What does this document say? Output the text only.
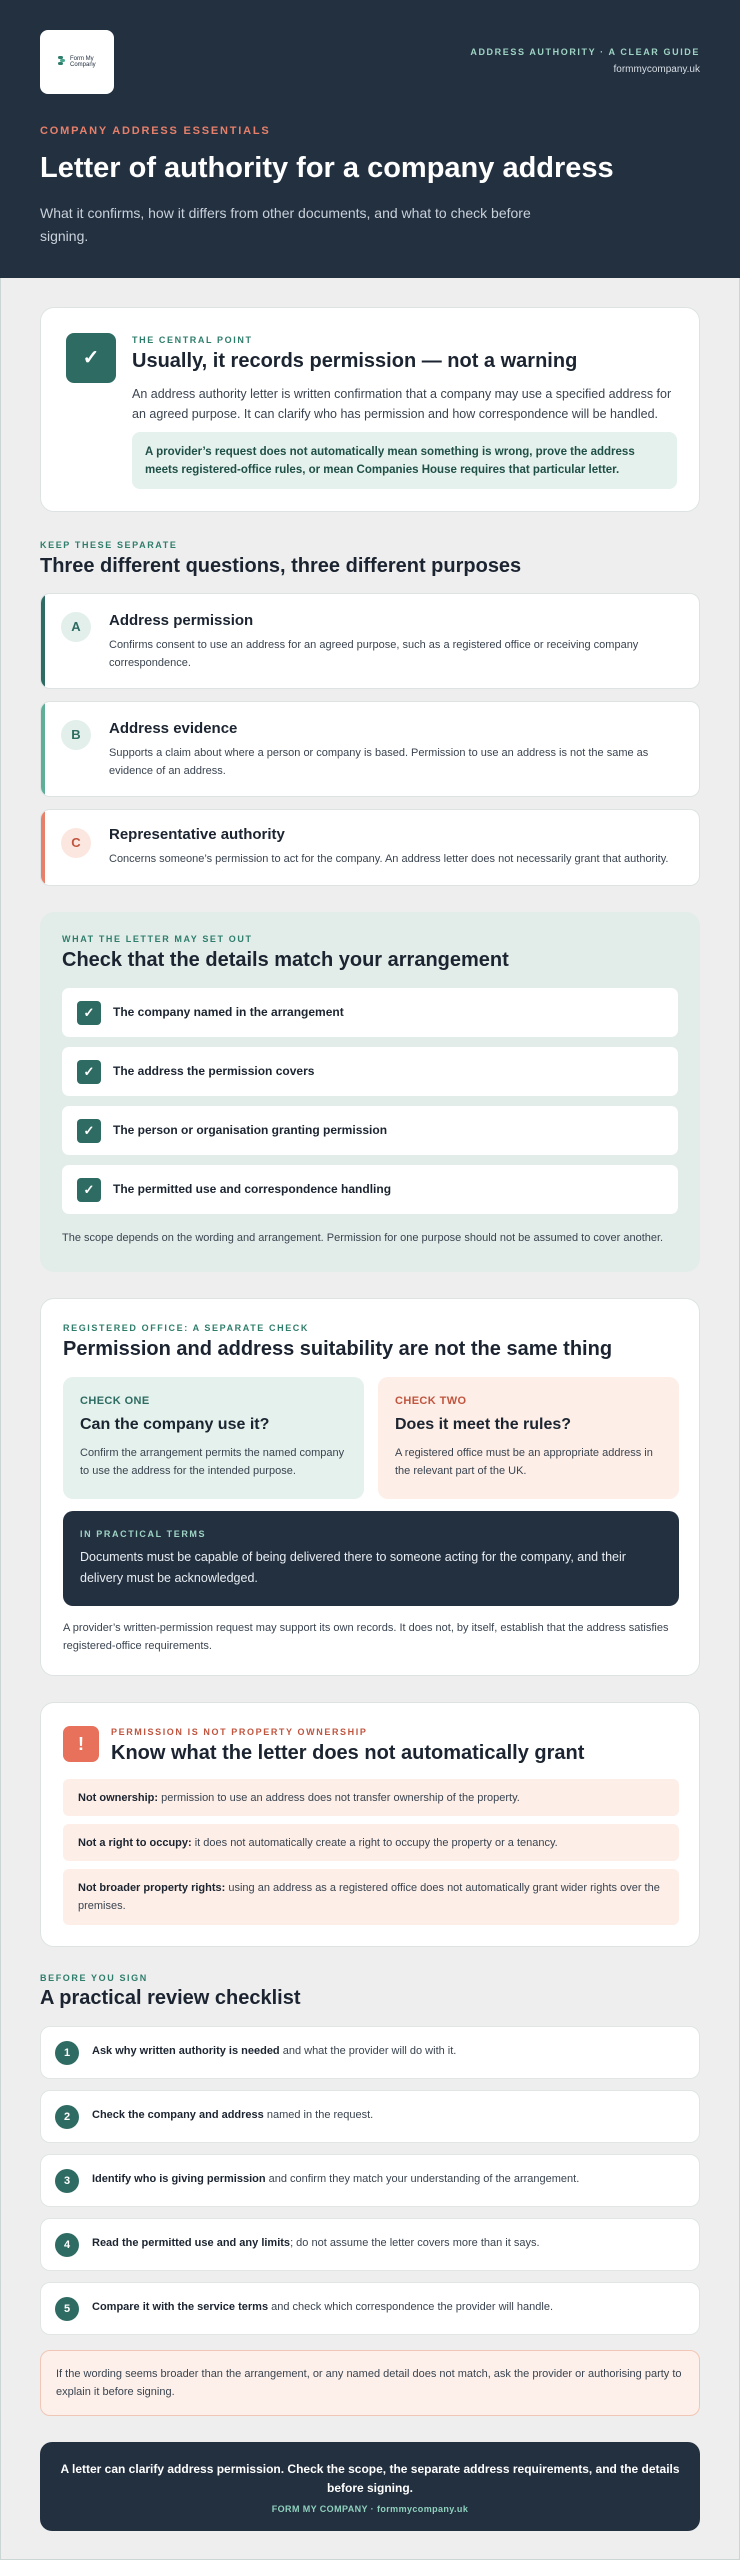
Form My Company
ADDRESS AUTHORITY · A CLEAR GUIDE
formmycompany.uk
COMPANY ADDRESS ESSENTIALS
Letter of authority for a company address

What it confirms, how it differs from other documents, and what to check before signing.

✓
THE CENTRAL POINT
Usually, it records permission — not a warning
An address authority letter is written confirmation that a company may use a specified address for an agreed purpose. It can clarify who has permission and how correspondence will be handled.
A provider’s request does not automatically mean something is wrong, prove the address meets registered-office rules, or mean Companies House requires that particular letter.
KEEP THESE SEPARATE
Three different questions, three different purposes
A	Address permission
Confirms consent to use an address for an agreed purpose, such as a registered office or receiving company correspondence.
B	Address evidence
Supports a claim about where a person or company is based. Permission to use an address is not the same as evidence of an address.
C	Representative authority
Concerns someone’s permission to act for the company. An address letter does not necessarily grant that authority.
WHAT THE LETTER MAY SET OUT
Check that the details match your arrangement
✓	The company named in the arrangement
✓	The address the permission covers
✓	The person or organisation granting permission
✓	The permitted use and correspondence handling
The scope depends on the wording and arrangement. Permission for one purpose should not be assumed to cover another.
REGISTERED OFFICE: A SEPARATE CHECK
Permission and address suitability are not the same thing
CHECK ONE
Can the company use it?
Confirm the arrangement permits the named company to use the address for the intended purpose.
CHECK TWO
Does it meet the rules?
A registered office must be an appropriate address in the relevant part of the UK.
IN PRACTICAL TERMS
Documents must be capable of being delivered there to someone acting for the company, and their delivery must be acknowledged.
A provider’s written-permission request may support its own records. It does not, by itself, establish that the address satisfies registered-office requirements.
!
PERMISSION IS NOT PROPERTY OWNERSHIP
Know what the letter does not automatically grant
Not ownership: permission to use an address does not transfer ownership of the property.
Not a right to occupy: it does not automatically create a right to occupy the property or a tenancy.
Not broader property rights: using an address as a registered office does not automatically grant wider rights over the premises.
BEFORE YOU SIGN
A practical review checklist
1	Ask why written authority is needed and what the provider will do with it.
2	Check the company and address named in the request.
3	Identify who is giving permission and confirm they match your understanding of the arrangement.
4	Read the permitted use and any limits; do not assume the letter covers more than it says.
5	Compare it with the service terms and check which correspondence the provider will handle.
If the wording seems broader than the arrangement, or any named detail does not match, ask the provider or authorising party to explain it before signing.
A letter can clarify address permission. Check the scope, the separate address requirements, and the details before signing.
FORM MY COMPANY · formmycompany.uk
